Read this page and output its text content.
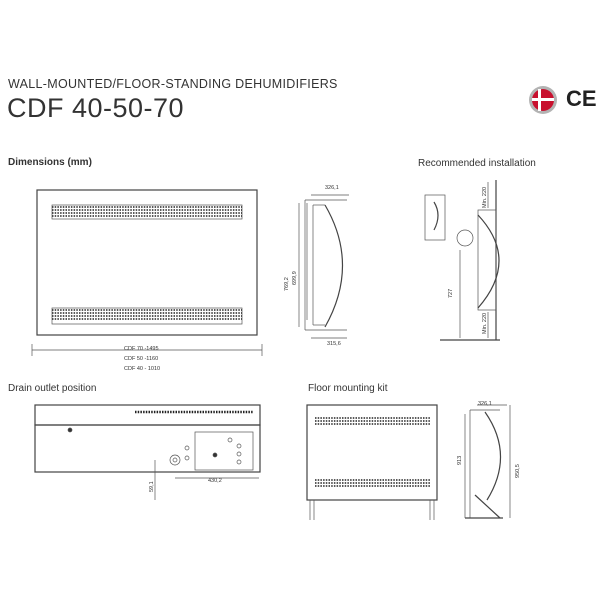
WALL-MOUNTED/FLOOR-STANDING DEHUMIDIFIERS
CDF 40-50-70	CE
Dimensions (mm)	Recommended installation
Drain outlet position	Floor mounting kit
CDF 70 -1495
CDF 50 -1160
CDF 40 - 1010
326,1
315,6
769,2 699,9
Min. 220
727
Min. 220
59,1
430,2
326,1
913
950,5
